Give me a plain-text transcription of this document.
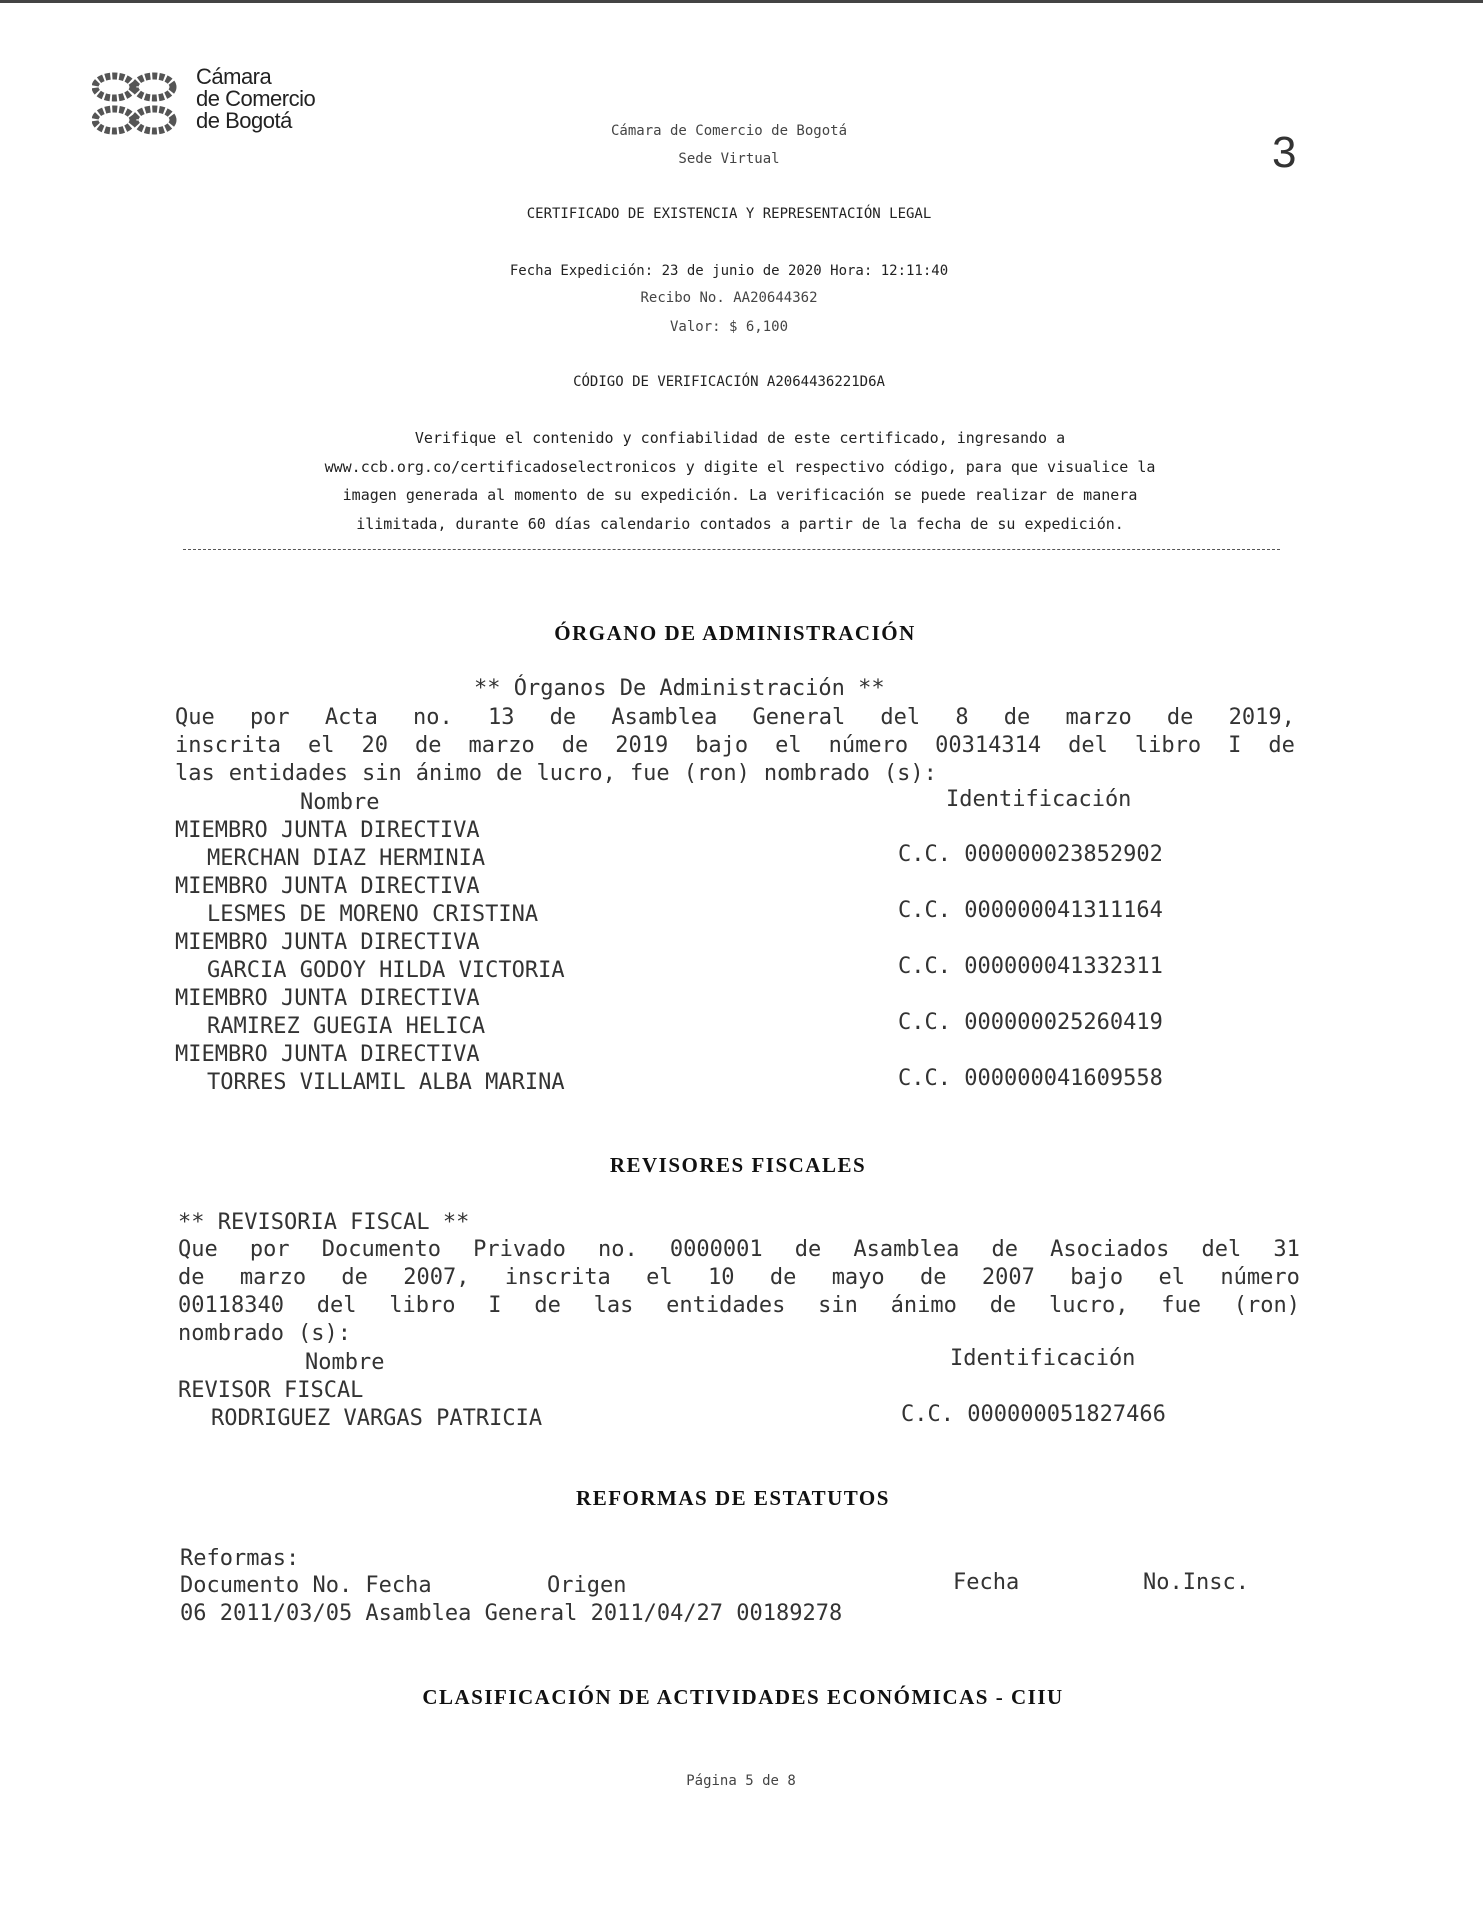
Cámara
de Comercio
de Bogotá	Cámara de Comercio de Bogotá
Sede Virtual	3
CERTIFICADO DE EXISTENCIA Y REPRESENTACIÓN LEGAL
Fecha Expedición: 23 de junio de 2020 Hora: 12:11:40
Recibo No. AA20644362
Valor: $ 6,100
CÓDIGO DE VERIFICACIÓN A2064436221D6A
Verifique el contenido y confiabilidad de este certificado, ingresando a
www.ccb.org.co/certificadoselectronicos y digite el respectivo código, para que visualice la
imagen generada al momento de su expedición. La verificación se puede realizar de manera
ilimitada, durante 60 días calendario contados a partir de la fecha de su expedición.
ÓRGANO DE ADMINISTRACIÓN
** Órganos De Administración **
Que por Acta no. 13 de Asamblea General del 8 de marzo de 2019,
inscrita el 20 de marzo de 2019 bajo el número 00314314 del libro I de
las entidades sin ánimo de lucro, fue (ron) nombrado (s):
Nombre	Identificación
MIEMBRO JUNTA DIRECTIVA
MERCHAN DIAZ HERMINIA	C.C. 000000023852902
MIEMBRO JUNTA DIRECTIVA
LESMES DE MORENO CRISTINA	C.C. 000000041311164
MIEMBRO JUNTA DIRECTIVA
GARCIA GODOY HILDA VICTORIA	C.C. 000000041332311
MIEMBRO JUNTA DIRECTIVA
RAMIREZ GUEGIA HELICA	C.C. 000000025260419
MIEMBRO JUNTA DIRECTIVA
TORRES VILLAMIL ALBA MARINA	C.C. 000000041609558
REVISORES FISCALES
** REVISORIA FISCAL **
Que por Documento Privado no. 0000001 de Asamblea de Asociados del 31
de marzo de 2007, inscrita el 10 de mayo de 2007 bajo el número
00118340 del libro I de las entidades sin ánimo de lucro, fue (ron)
nombrado (s):
Nombre	Identificación
REVISOR FISCAL
RODRIGUEZ VARGAS PATRICIA	C.C. 000000051827466
REFORMAS DE ESTATUTOS
Reformas:
Documento No. Fecha	Origen	Fecha	No.Insc.
06 2011/03/05 Asamblea General 2011/04/27 00189278
CLASIFICACIÓN DE ACTIVIDADES ECONÓMICAS - CIIU
Página 5 de 8
